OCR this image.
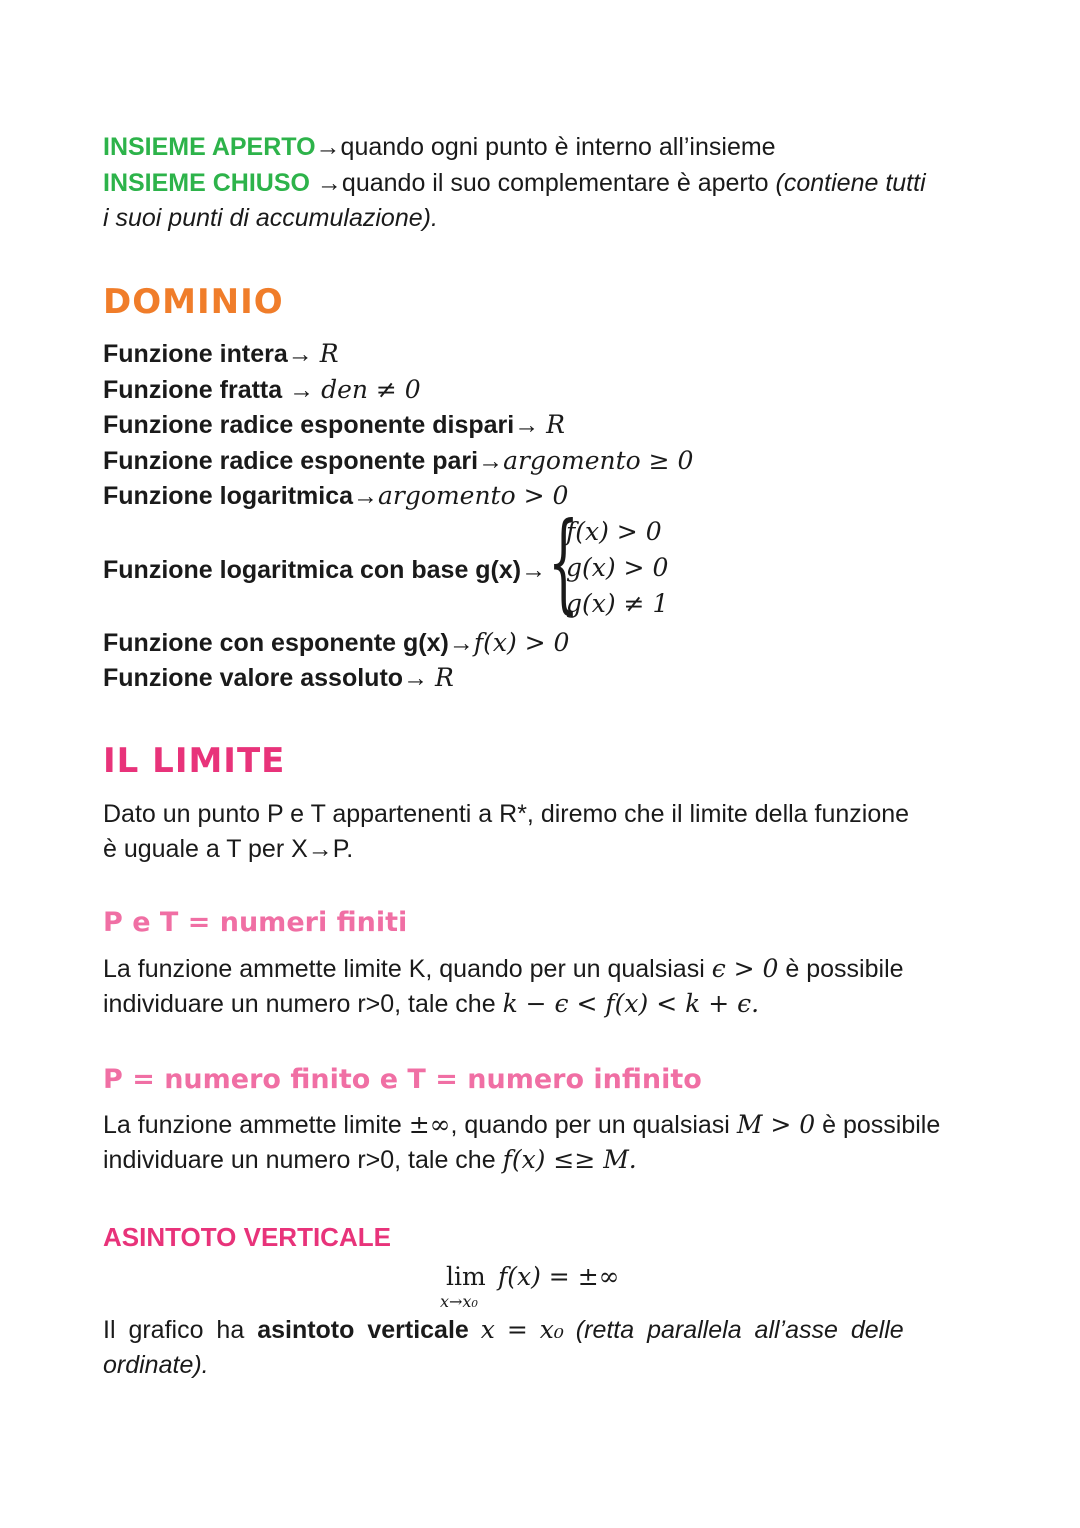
INSIEME APERTO→quando ogni punto è interno all’insieme
INSIEME CHIUSO →quando il suo complementare è aperto (contiene tutti
i suoi punti di accumulazione).
DOMINIO
Funzione intera→ R
Funzione fratta → den ≠ 0
Funzione radice esponente dispari→ R
Funzione radice esponente pari→argomento ≥ 0
Funzione logaritmica→argomento > 0
Funzione logaritmica con base g(x)→ {
f(x) > 0
g(x) > 0
g(x) ≠ 1
Funzione con esponente g(x)→f(x) > 0
Funzione valore assoluto→ R
IL LIMITE
Dato un punto P e T appartenenti a R*, diremo che il limite della funzione
è uguale a T per X→P.
P e T = numeri finiti
La funzione ammette limite K, quando per un qualsiasi ϵ > 0 è possibile
individuare un numero r>0, tale che k − ϵ < f(x) < k + ϵ.
P = numero finito e T = numero infinito
La funzione ammette limite ±∞, quando per un qualsiasi M > 0 è possibile
individuare un numero r>0, tale che f(x) ≤≥ M.
ASINTOTO VERTICALE
lim
x→x₀
f(x) = ±∞
Il grafico ha asintoto verticale x = x₀ (retta parallela all’asse delle
ordinate).
